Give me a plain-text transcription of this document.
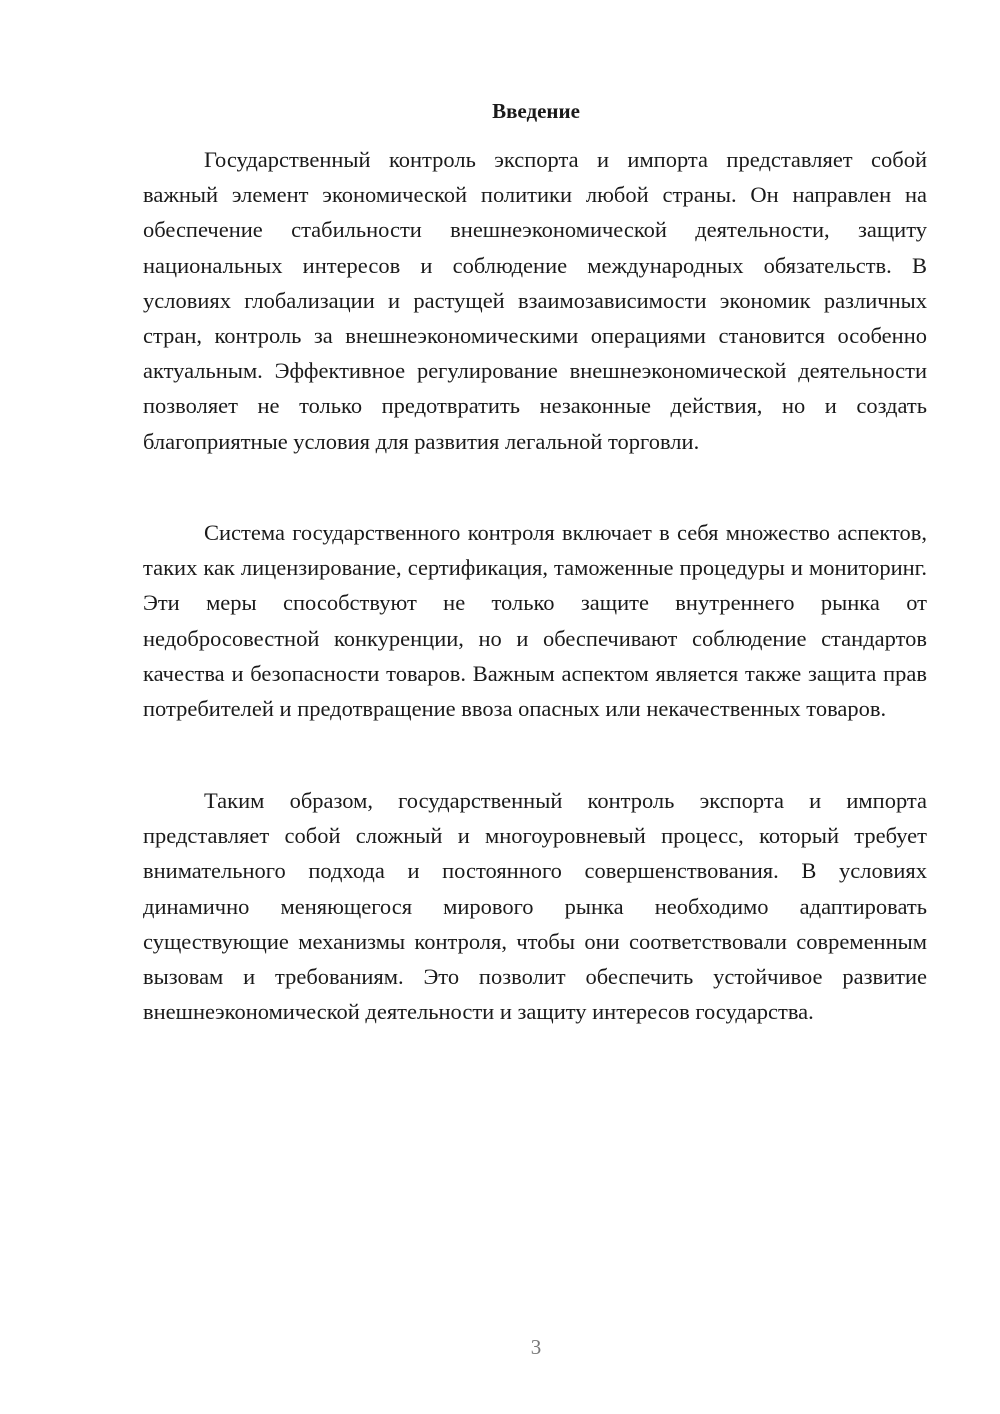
Введение

Государственный контроль экспорта и импорта представляет собой важный элемент экономической политики любой страны. Он направлен на обеспечение стабильности внешнеэкономической деятельности, защиту национальных интересов и соблюдение международных обязательств. В условиях глобализации и растущей взаимозависимости экономик различных стран, контроль за внешнеэкономическими операциями становится особенно актуальным. Эффективное регулирование внешнеэкономической деятельности позволяет не только предотвратить незаконные действия, но и создать благоприятные условия для развития легальной торговли.

Система государственного контроля включает в себя множество аспектов, таких как лицензирование, сертификация, таможенные процедуры и мониторинг. Эти меры способствуют не только защите внутреннего рынка от недобросовестной конкуренции, но и обеспечивают соблюдение стандартов качества и безопасности товаров. Важным аспектом является также защита прав потребителей и предотвращение ввоза опасных или некачественных товаров.

Таким образом, государственный контроль экспорта и импорта представляет собой сложный и многоуровневый процесс, который требует внимательного подхода и постоянного совершенствования. В условиях динамично меняющегося мирового рынка необходимо адаптировать существующие механизмы контроля, чтобы они соответствовали современным вызовам и требованиям. Это позволит обеспечить устойчивое развитие внешнеэкономической деятельности и защиту интересов государства.

3
